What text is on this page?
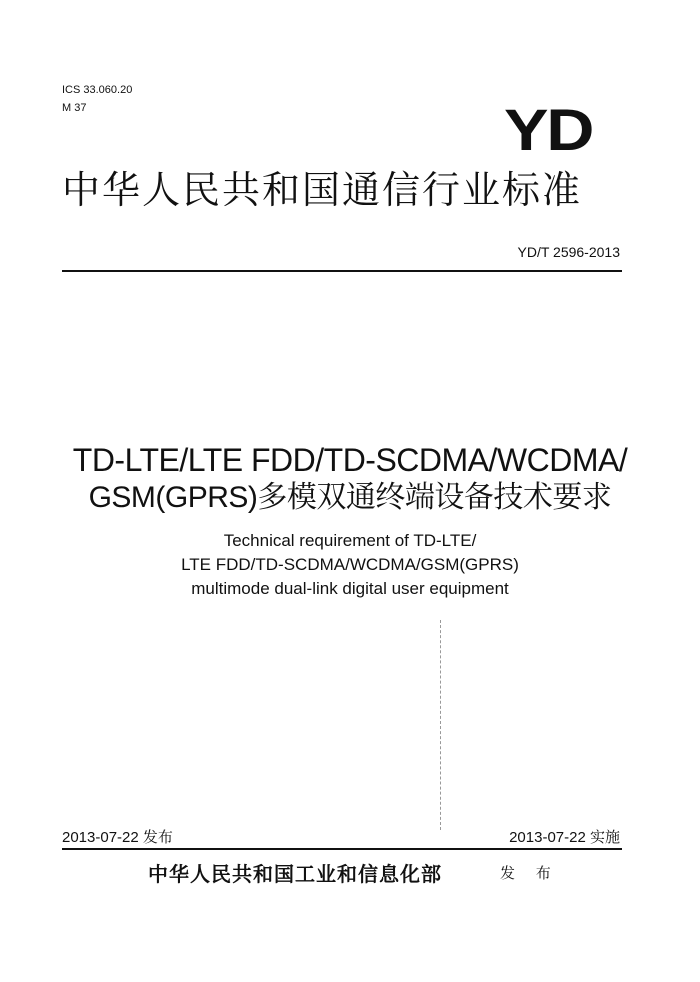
ICS 33.060.20
M 37	YD
中华人民共和国通信行业标准
YD/T 2596-2013
TD-LTE/LTE FDD/TD-SCDMA/WCDMA/
GSM(GPRS)多模双通终端设备技术要求
Technical requirement of TD-LTE/
LTE FDD/TD-SCDMA/WCDMA/GSM(GPRS)
multimode dual-link digital user equipment
2013-07-22 发布	2013-07-22 实施
中华人民共和国工业和信息化部	发 布
